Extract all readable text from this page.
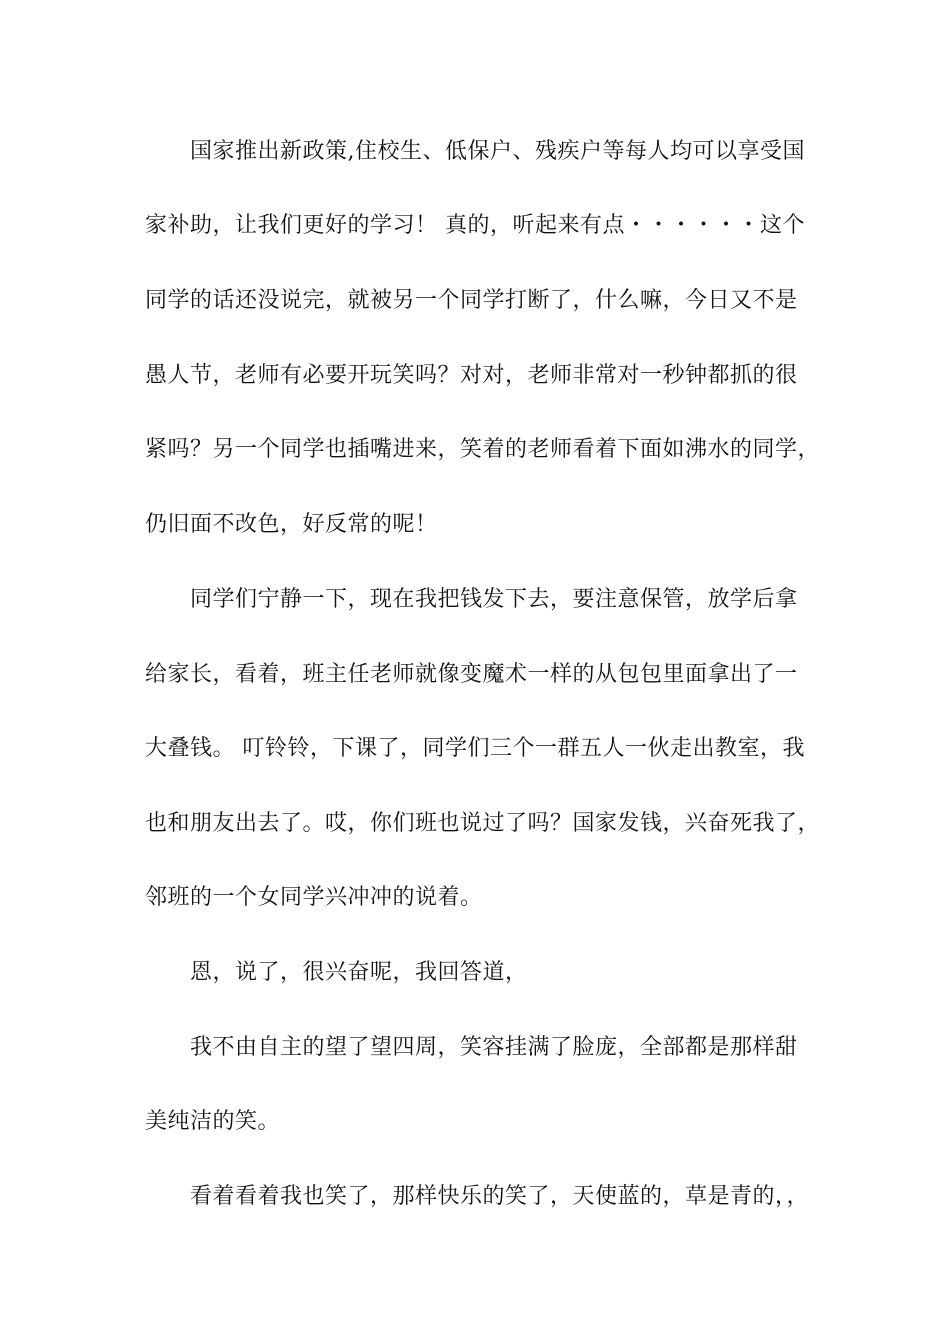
国家推出新政策,住校生、低保户、残疾户等每人均可以享受国
家补助，让我们更好的学习！ 真的，听起来有点・・・・・・这个
同学的话还没说完，就被另一个同学打断了，什么嘛，今日又不是
愚人节，老师有必要开玩笑吗？对对，老师非常对一秒钟都抓的很
紧吗？另一个同学也插嘴进来，笑着的老师看着下面如沸水的同学，
仍旧面不改色，好反常的呢！
同学们宁静一下，现在我把钱发下去，要注意保管，放学后拿
给家长，看着，班主任老师就像变魔术一样的从包包里面拿出了一
大叠钱。 叮铃铃，下课了，同学们三个一群五人一伙走出教室，我
也和朋友出去了。哎，你们班也说过了吗？国家发钱，兴奋死我了，
邻班的一个女同学兴冲冲的说着。
恩，说了，很兴奋呢，我回答道，
我不由自主的望了望四周，笑容挂满了脸庞，全部都是那样甜
美纯洁的笑。
看着看着我也笑了，那样快乐的笑了，天使蓝的，草是青的，，
